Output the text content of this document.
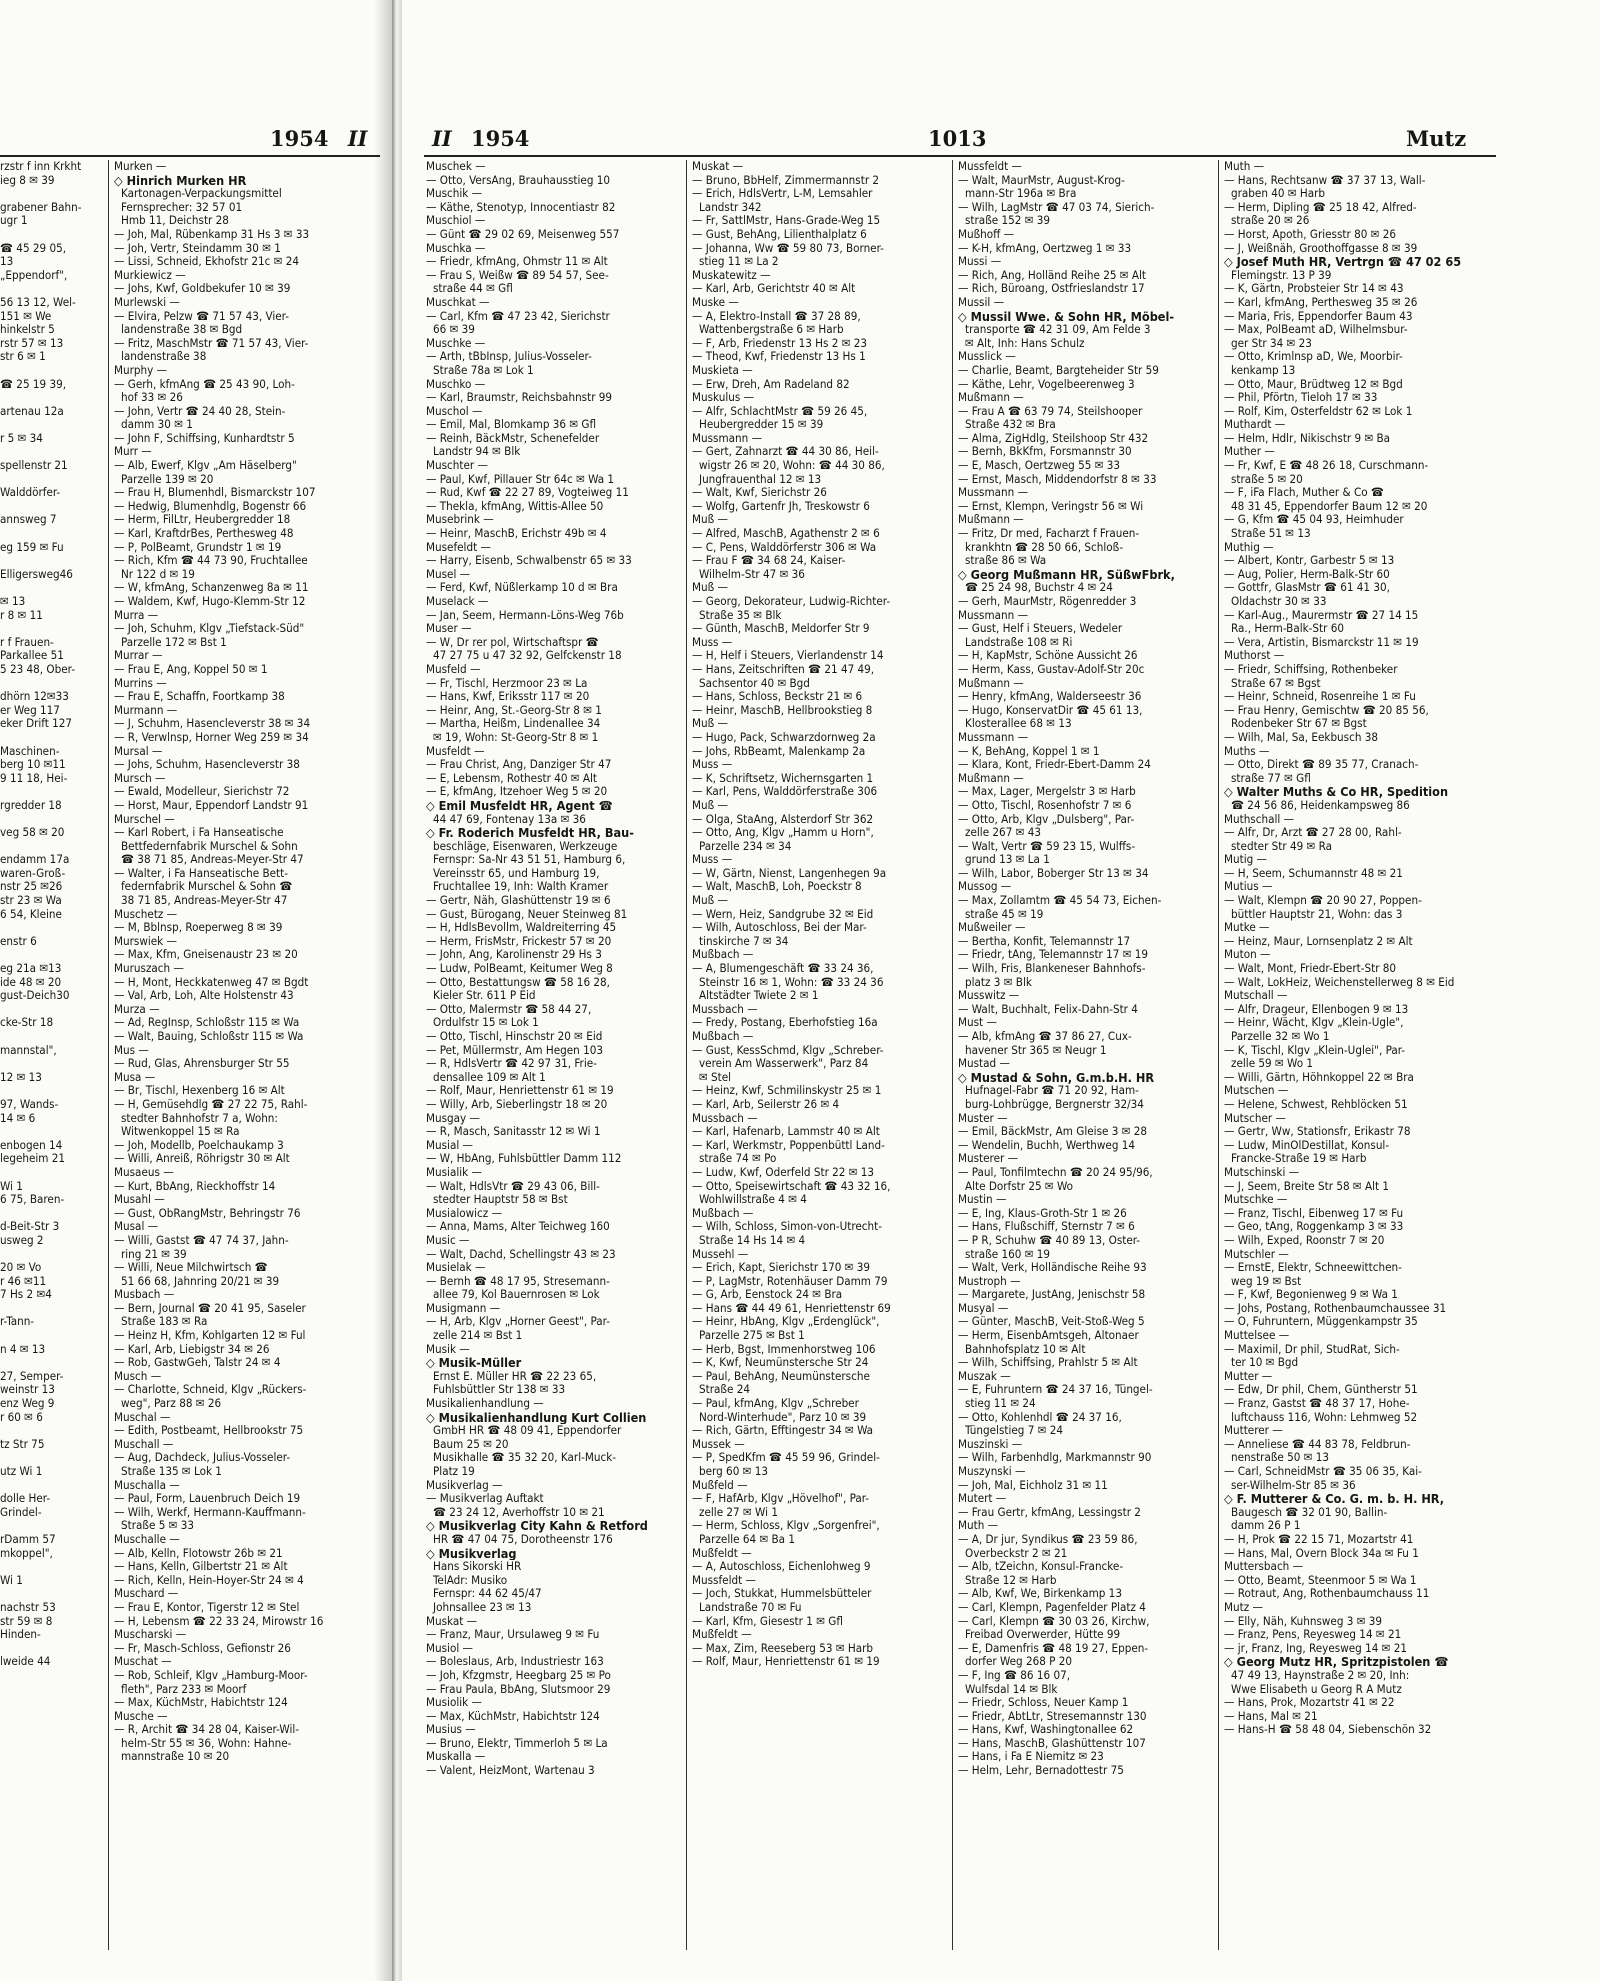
rzstr f inn Krkht
ieg 8 ✉ 39

grabener Bahn-
ugr 1

☎ 45 29 05,
13
„Eppendorf",

56 13 12, Wel-
151 ✉ We
hinkelstr 5
rstr 57 ✉ 13
str 6 ✉ 1

☎ 25 19 39,

artenau 12a

r 5 ✉ 34

spellenstr 21

Walddörfer-

annsweg 7

eg 159 ✉ Fu

Elligersweg46

✉ 13
r 8 ✉ 11

r f Frauen-
Parkallee 51
5 23 48, Ober-

dhörn 12✉33
er Weg 117
eker Drift 127

Maschinen-
berg 10 ✉11
9 11 18, Hei-

rgredder 18

veg 58 ✉ 20

endamm 17a
waren-Groß-
nstr 25 ✉26
str 23 ✉ Wa
6 54, Kleine

enstr 6

eg 21a ✉13
ide 48 ✉ 20
gust-Deich30

cke-Str 18

mannstal",

12 ✉ 13

97, Wands-
14 ✉ 6

enbogen 14
legeheim 21

Wi 1
6 75, Baren-

d-Beit-Str 3
usweg 2

20 ✉ Vo
r 46 ✉11
7 Hs 2 ✉4

r-Tann-

n 4 ✉ 13

27, Semper-
weinstr 13
enz Weg 9
r 60 ✉ 6

tz Str 75

utz Wi 1

dolle Her-
Grindel-

rDamm 57
mkoppel",

Wi 1

nachstr 53
str 59 ✉ 8
Hinden-

lweide 44
1954 II
Murken —
◇ Hinrich Murken HR
Kartonagen-Verpackungsmittel
Fernsprecher: 32 57 01
Hmb 11, Deichstr 28
— Joh, Mal, Rübenkamp 31 Hs 3 ✉ 33
— Joh, Vertr, Steindamm 30 ✉ 1
— Lissi, Schneid, Ekhofstr 21c ✉ 24
Murkiewicz —
— Johs, Kwf, Goldbekufer 10 ✉ 39
Murlewski —
— Elvira, Pelzw ☎ 71 57 43, Vier-
landenstraße 38 ✉ Bgd
— Fritz, MaschMstr ☎ 71 57 43, Vier-
landenstraße 38
Murphy —
— Gerh, kfmAng ☎ 25 43 90, Loh-
hof 33 ✉ 26
— John, Vertr ☎ 24 40 28, Stein-
damm 30 ✉ 1
— John F, Schiffsing, Kunhardtstr 5
Murr —
— Alb, Ewerf, Klgv „Am Häselberg"
Parzelle 139 ✉ 20
— Frau H, Blumenhdl, Bismarckstr 107
— Hedwig, Blumenhdlg, Bogenstr 66
— Herm, FilLtr, Heubergredder 18
— Karl, KraftdrBes, Perthesweg 48
— P, PolBeamt, Grundstr 1 ✉ 19
— Rich, Kfm ☎ 44 73 90, Fruchtallee
Nr 122 d ✉ 19
— W, kfmAng, Schanzenweg 8a ✉ 11
— Waldem, Kwf, Hugo-Klemm-Str 12
Murra —
— Joh, Schuhm, Klgv „Tiefstack-Süd"
Parzelle 172 ✉ Bst 1
Murrar —
— Frau E, Ang, Koppel 50 ✉ 1
Murrins —
— Frau E, Schaffn, Foortkamp 38
Murmann —
— J, Schuhm, Hasencleverstr 38 ✉ 34
— R, Verwlnsp, Horner Weg 259 ✉ 34
Mursal —
— Johs, Schuhm, Hasencleverstr 38
Mursch —
— Ewald, Modelleur, Sierichstr 72
— Horst, Maur, Eppendorf Landstr 91
Murschel —
— Karl Robert, i Fa Hanseatische
Bettfedernfabrik Murschel & Sohn
☎ 38 71 85, Andreas-Meyer-Str 47
— Walter, i Fa Hanseatische Bett-
federnfabrik Murschel & Sohn ☎
38 71 85, Andreas-Meyer-Str 47
Muschetz —
— M, Bblnsp, Roeperweg 8 ✉ 39
Murswiek —
— Max, Kfm, Gneisenaustr 23 ✉ 20
Muruszach —
— H, Mont, Heckkatenweg 47 ✉ Bgdt
— Val, Arb, Loh, Alte Holstenstr 43
Murza —
— Ad, RegInsp, Schloßstr 115 ✉ Wa
— Walt, Bauing, Schloßstr 115 ✉ Wa
Mus —
— Rud, Glas, Ahrensburger Str 55
Musa —
— Br, Tischl, Hexenberg 16 ✉ Alt
— H, Gemüsehdlg ☎ 27 22 75, Rahl-
stedter Bahnhofstr 7 a, Wohn:
Witwenkoppel 15 ✉ Ra
— Joh, Modellb, Poelchaukamp 3
— Willi, Anreiß, Röhrigstr 30 ✉ Alt
Musaeus —
— Kurt, BbAng, Rieckhoffstr 14
Musahl —
— Gust, ObRangMstr, Behringstr 76
Musal —
— Willi, Gastst ☎ 47 74 37, Jahn-
ring 21 ✉ 39
— Willi, Neue Milchwirtsch ☎
51 66 68, Jahnring 20/21 ✉ 39
Musbach —
— Bern, Journal ☎ 20 41 95, Saseler
Straße 183 ✉ Ra
— Heinz H, Kfm, Kohlgarten 12 ✉ Ful
— Karl, Arb, Liebigstr 34 ✉ 26
— Rob, GastwGeh, Talstr 24 ✉ 4
Musch —
— Charlotte, Schneid, Klgv „Rückers-
weg", Parz 88 ✉ 26
Muschal —
— Edith, Postbeamt, Hellbrookstr 75
Muschall —
— Aug, Dachdeck, Julius-Vosseler-
Straße 135 ✉ Lok 1
Muschalla —
— Paul, Form, Lauenbruch Deich 19
— Wilh, Werkf, Hermann-Kauffmann-
Straße 5 ✉ 33
Muschalle —
— Alb, Kelln, Flotowstr 26b ✉ 21
— Hans, Kelln, Gilbertstr 21 ✉ Alt
— Rich, Kelln, Hein-Hoyer-Str 24 ✉ 4
Muschard —
— Frau E, Kontor, Tigerstr 12 ✉ Stel
— H, Lebensm ☎ 22 33 24, Mirowstr 16
Muscharski —
— Fr, Masch-Schloss, Gefionstr 26
Muschat —
— Rob, Schleif, Klgv „Hamburg-Moor-
fleth", Parz 233 ✉ Moorf
— Max, KüchMstr, Habichtstr 124
Musche —
— R, Archit ☎ 34 28 04, Kaiser-Wil-
helm-Str 55 ✉ 36, Wohn: Hahne-
mannstraße 10 ✉ 20
II 1954	1013	Mutz
Muschek —
— Otto, VersAng, Brauhausstieg 10
Muschik —
— Käthe, Stenotyp, Innocentiastr 82
Muschiol —
— Günt ☎ 29 02 69, Meisenweg 557
Muschka —
— Friedr, kfmAng, Ohmstr 11 ✉ Alt
— Frau S, Weißw ☎ 89 54 57, See-
straße 44 ✉ Gfl
Muschkat —
— Carl, Kfm ☎ 47 23 42, Sierichstr
66 ✉ 39
Muschke —
— Arth, tBbInsp, Julius-Vosseler-
Straße 78a ✉ Lok 1
Muschko —
— Karl, Braumstr, Reichsbahnstr 99
Muschol —
— Emil, Mal, Blomkamp 36 ✉ Gfl
— Reinh, BäckMstr, Schenefelder
Landstr 94 ✉ Blk
Muschter —
— Paul, Kwf, Pillauer Str 64c ✉ Wa 1
— Rud, Kwf ☎ 22 27 89, Vogteiweg 11
— Thekla, kfmAng, Wittis-Allee 50
Musebrink —
— Heinr, MaschB, Erichstr 49b ✉ 4
Musefeldt —
— Harry, Eisenb, Schwalbenstr 65 ✉ 33
Musel —
— Ferd, Kwf, Nüßlerkamp 10 d ✉ Bra
Muselack —
— Jan, Seem, Hermann-Löns-Weg 76b
Muser —
— W, Dr rer pol, Wirtschaftspr ☎
47 27 75 u 47 32 92, Gelfckenstr 18
Musfeld —
— Fr, Tischl, Herzmoor 23 ✉ La
— Hans, Kwf, Eriksstr 117 ✉ 20
— Heinr, Ang, St.-Georg-Str 8 ✉ 1
— Martha, Heißm, Lindenallee 34
✉ 19, Wohn: St-Georg-Str 8 ✉ 1
Musfeldt —
— Frau Christ, Ang, Danziger Str 47
— E, Lebensm, Rothestr 40 ✉ Alt
— E, kfmAng, Itzehoer Weg 5 ✉ 20
◇ Emil Musfeldt HR, Agent ☎
44 47 69, Fontenay 13a ✉ 36
◇ Fr. Roderich Musfeldt HR, Bau-
beschläge, Eisenwaren, Werkzeuge
Fernspr: Sa-Nr 43 51 51, Hamburg 6,
Vereinsstr 65, und Hamburg 19,
Fruchtallee 19, Inh: Walth Kramer
— Gertr, Näh, Glashüttenstr 19 ✉ 6
— Gust, Bürogang, Neuer Steinweg 81
— H, HdlsBevollm, Waldreiterring 45
— Herm, FrisMstr, Frickestr 57 ✉ 20
— John, Ang, Karolinenstr 29 Hs 3
— Ludw, PolBeamt, Keitumer Weg 8
— Otto, Bestattungsw ☎ 58 16 28,
Kieler Str. 611 P Eid
— Otto, Malermstr ☎ 58 44 27,
Ordulfstr 15 ✉ Lok 1
— Otto, Tischl, Hinschstr 20 ✉ Eid
— Pet, Müllermstr, Am Hegen 103
— R, HdlsVertr ☎ 42 97 31, Frie-
densallee 109 ✉ Alt 1
— Rolf, Maur, Henriettenstr 61 ✉ 19
— Willy, Arb, Sieberlingstr 18 ✉ 20
Musgay —
— R, Masch, Sanitasstr 12 ✉ Wi 1
Musial —
— W, HbAng, Fuhlsbüttler Damm 112
Musialik —
— Walt, HdlsVtr ☎ 29 43 06, Bill-
stedter Hauptstr 58 ✉ Bst
Musialowicz —
— Anna, Mams, Alter Teichweg 160
Music —
— Walt, Dachd, Schellingstr 43 ✉ 23
Musielak —
— Bernh ☎ 48 17 95, Stresemann-
allee 79, Kol Bauernrosen ✉ Lok
Musigmann —
— H, Arb, Klgv „Horner Geest", Par-
zelle 214 ✉ Bst 1
Musik —
◇ Musik-Müller
Ernst E. Müller HR ☎ 22 23 65,
Fuhlsbüttler Str 138 ✉ 33
Musikalienhandlung —
◇ Musikalienhandlung Kurt Collien
GmbH HR ☎ 48 09 41, Eppendorfer
Baum 25 ✉ 20
Musikhalle ☎ 35 32 20, Karl-Muck-
Platz 19
Musikverlag —
— Musikverlag Auftakt
☎ 23 24 12, Averhoffstr 10 ✉ 21
◇ Musikverlag City Kahn & Retford
HR ☎ 47 04 75, Dorotheenstr 176
◇ Musikverlag
Hans Sikorski HR
TelAdr: Musiko
Fernspr: 44 62 45/47
Johnsallee 23 ✉ 13
Muskat —
— Franz, Maur, Ursulaweg 9 ✉ Fu
Musiol —
— Boleslaus, Arb, Industriestr 163
— Joh, Kfzgmstr, Heegbarg 25 ✉ Po
— Frau Paula, BbAng, Slutsmoor 29
Musiolik —
— Max, KüchMstr, Habichtstr 124
Musius —
— Bruno, Elektr, Timmerloh 5 ✉ La
Muskalla —
— Valent, HeizMont, Wartenau 3
Muskat —
— Bruno, BbHelf, Zimmermannstr 2
— Erich, HdlsVertr, L-M, Lemsahler
Landstr 342
— Fr, SattlMstr, Hans-Grade-Weg 15
— Gust, BehAng, Lilienthalplatz 6
— Johanna, Ww ☎ 59 80 73, Borner-
stieg 11 ✉ La 2
Muskatewitz —
— Karl, Arb, Gerichtstr 40 ✉ Alt
Muske —
— A, Elektro-Install ☎ 37 28 89,
Wattenbergstraße 6 ✉ Harb
— F, Arb, Friedenstr 13 Hs 2 ✉ 23
— Theod, Kwf, Friedenstr 13 Hs 1
Muskieta —
— Erw, Dreh, Am Radeland 82
Muskulus —
— Alfr, SchlachtMstr ☎ 59 26 45,
Heubergredder 15 ✉ 39
Mussmann —
— Gert, Zahnarzt ☎ 44 30 86, Heil-
wigstr 26 ✉ 20, Wohn: ☎ 44 30 86,
Jungfrauenthal 12 ✉ 13
— Walt, Kwf, Sierichstr 26
— Wolfg, Gartenfr Jh, Treskowstr 6
Muß —
— Alfred, MaschB, Agathenstr 2 ✉ 6
— C, Pens, Walddörferstr 306 ✉ Wa
— Frau F ☎ 34 68 24, Kaiser-
Wilhelm-Str 47 ✉ 36
Muß —
— Georg, Dekorateur, Ludwig-Richter-
Straße 35 ✉ Blk
— Günth, MaschB, Meldorfer Str 9
Muss —
— H, Helf i Steuers, Vierlandenstr 14
— Hans, Zeitschriften ☎ 21 47 49,
Sachsentor 40 ✉ Bgd
— Hans, Schloss, Beckstr 21 ✉ 6
— Heinr, MaschB, Hellbrookstieg 8
Muß —
— Hugo, Pack, Schwarzdornweg 2a
— Johs, RbBeamt, Malenkamp 2a
Muss —
— K, Schriftsetz, Wichernsgarten 1
— Karl, Pens, Walddörferstraße 306
Muß —
— Olga, StaAng, Alsterdorf Str 362
— Otto, Ang, Klgv „Hamm u Horn",
Parzelle 234 ✉ 34
Muss —
— W, Gärtn, Nienst, Langenhegen 9a
— Walt, MaschB, Loh, Poeckstr 8
Muß —
— Wern, Heiz, Sandgrube 32 ✉ Eid
— Wilh, Autoschloss, Bei der Mar-
tinskirche 7 ✉ 34
Mußbach —
— A, Blumengeschäft ☎ 33 24 36,
Steinstr 16 ✉ 1, Wohn: ☎ 33 24 36
Altstädter Twiete 2 ✉ 1
Mussbach —
— Fredy, Postang, Eberhofstieg 16a
Mußbach —
— Gust, KessSchmd, Klgv „Schreber-
verein Am Wasserwerk", Parz 84
✉ Stel
— Heinz, Kwf, Schmilinskystr 25 ✉ 1
— Karl, Arb, Seilerstr 26 ✉ 4
Mussbach —
— Karl, Hafenarb, Lammstr 40 ✉ Alt
— Karl, Werkmstr, Poppenbüttl Land-
straße 74 ✉ Po
— Ludw, Kwf, Oderfeld Str 22 ✉ 13
— Otto, Speisewirtschaft ☎ 43 32 16,
Wohlwillstraße 4 ✉ 4
Mußbach —
— Wilh, Schloss, Simon-von-Utrecht-
Straße 14 Hs 14 ✉ 4
Mussehl —
— Erich, Kapt, Sierichstr 170 ✉ 39
— P, LagMstr, Rotenhäuser Damm 79
— G, Arb, Eenstock 24 ✉ Bra
— Hans ☎ 44 49 61, Henriettenstr 69
— Heinr, HbAng, Klgv „Erdenglück",
Parzelle 275 ✉ Bst 1
— Herb, Bgst, Immenhorstweg 106
— K, Kwf, Neumünstersche Str 24
— Paul, BehAng, Neumünstersche
Straße 24
— Paul, kfmAng, Klgv „Schreber
Nord-Winterhude", Parz 10 ✉ 39
— Rich, Gärtn, Efftingestr 34 ✉ Wa
Mussek —
— P, SpedKfm ☎ 45 59 96, Grindel-
berg 60 ✉ 13
Mußfeld —
— F, HafArb, Klgv „Hövelhof", Par-
zelle 27 ✉ Wi 1
— Herm, Schloss, Klgv „Sorgenfrei",
Parzelle 64 ✉ Ba 1
Mußfeldt —
— A, Autoschloss, Eichenlohweg 9
Mussfeldt —
— Joch, Stukkat, Hummelsbütteler
Landstraße 70 ✉ Fu
— Karl, Kfm, Giesestr 1 ✉ Gfl
Mußfeldt —
— Max, Zim, Reeseberg 53 ✉ Harb
— Rolf, Maur, Henriettenstr 61 ✉ 19
Mussfeldt —
— Walt, MaurMstr, August-Krog-
mann-Str 196a ✉ Bra
— Wilh, LagMstr ☎ 47 03 74, Sierich-
straße 152 ✉ 39
Mußhoff —
— K-H, kfmAng, Oertzweg 1 ✉ 33
Mussi —
— Rich, Ang, Holländ Reihe 25 ✉ Alt
— Rich, Büroang, Ostfrieslandstr 17
Mussil —
◇ Mussil Wwe. & Sohn HR, Möbel-
transporte ☎ 42 31 09, Am Felde 3
✉ Alt, Inh: Hans Schulz
Musslick —
— Charlie, Beamt, Bargteheider Str 59
— Käthe, Lehr, Vogelbeerenweg 3
Mußmann —
— Frau A ☎ 63 79 74, Steilshooper
Straße 432 ✉ Bra
— Alma, ZigHdlg, Steilshoop Str 432
— Bernh, BkKfm, Forsmannstr 30
— E, Masch, Oertzweg 55 ✉ 33
— Ernst, Masch, Middendorfstr 8 ✉ 33
Mussmann —
— Ernst, Klempn, Veringstr 56 ✉ Wi
Mußmann —
— Fritz, Dr med, Facharzt f Frauen-
krankhtn ☎ 28 50 66, Schloß-
straße 86 ✉ Wa
◇ Georg Mußmann HR, SüßwFbrk,
☎ 25 24 98, Buchstr 4 ✉ 24
— Gerh, MaurMstr, Rögenredder 3
Mussmann —
— Gust, Helf i Steuers, Wedeler
Landstraße 108 ✉ Ri
— H, KapMstr, Schöne Aussicht 26
— Herm, Kass, Gustav-Adolf-Str 20c
Mußmann —
— Henry, kfmAng, Walderseestr 36
— Hugo, KonservatDir ☎ 45 61 13,
Klosterallee 68 ✉ 13
Mussmann —
— K, BehAng, Koppel 1 ✉ 1
— Klara, Kont, Friedr-Ebert-Damm 24
Mußmann —
— Max, Lager, Mergelstr 3 ✉ Harb
— Otto, Tischl, Rosenhofstr 7 ✉ 6
— Otto, Arb, Klgv „Dulsberg", Par-
zelle 267 ✉ 43
— Walt, Vertr ☎ 59 23 15, Wulffs-
grund 13 ✉ La 1
— Wilh, Labor, Boberger Str 13 ✉ 34
Mussog —
— Max, Zollamtm ☎ 45 54 73, Eichen-
straße 45 ✉ 19
Mußweiler —
— Bertha, Konfit, Telemannstr 17
— Friedr, tAng, Telemannstr 17 ✉ 19
— Wilh, Fris, Blankeneser Bahnhofs-
platz 3 ✉ Blk
Musswitz —
— Walt, Buchhalt, Felix-Dahn-Str 4
Must —
— Alb, kfmAng ☎ 37 86 27, Cux-
havener Str 365 ✉ Neugr 1
Mustad —
◇ Mustad & Sohn, G.m.b.H. HR
Hufnagel-Fabr ☎ 71 20 92, Ham-
burg-Lohbrügge, Bergnerstr 32/34
Muster —
— Emil, BäckMstr, Am Gleise 3 ✉ 28
— Wendelin, Buchh, Werthweg 14
Musterer —
— Paul, Tonfilmtechn ☎ 20 24 95/96,
Alte Dorfstr 25 ✉ Wo
Mustin —
— E, Ing, Klaus-Groth-Str 1 ✉ 26
— Hans, Flußschiff, Sternstr 7 ✉ 6
— P R, Schuhw ☎ 40 89 13, Oster-
straße 160 ✉ 19
— Walt, Verk, Holländische Reihe 93
Mustroph —
— Margarete, JustAng, Jenischstr 58
Musyal —
— Günter, MaschB, Veit-Stoß-Weg 5
— Herm, EisenbAmtsgeh, Altonaer
Bahnhofsplatz 10 ✉ Alt
— Wilh, Schiffsing, Prahlstr 5 ✉ Alt
Muszak —
— E, Fuhruntern ☎ 24 37 16, Tüngel-
stieg 11 ✉ 24
— Otto, Kohlenhdl ☎ 24 37 16,
Tüngelstieg 7 ✉ 24
Muszinski —
— Wilh, Farbenhdlg, Markmannstr 90
Muszynski —
— Joh, Mal, Eichholz 31 ✉ 11
Mutert —
— Frau Gertr, kfmAng, Lessingstr 2
Muth —
— A, Dr jur, Syndikus ☎ 23 59 86,
Overbeckstr 2 ✉ 21
— Alb, tZeichn, Konsul-Francke-
Straße 12 ✉ Harb
— Alb, Kwf, We, Birkenkamp 13
— Carl, Klempn, Pagenfelder Platz 4
— Carl, Klempn ☎ 30 03 26, Kirchw,
Freibad Overwerder, Hütte 99
— E, Damenfris ☎ 48 19 27, Eppen-
dorfer Weg 268 P 20
— F, Ing ☎ 86 16 07,
Wulfsdal 14 ✉ Blk
— Friedr, Schloss, Neuer Kamp 1
— Friedr, AbtLtr, Stresemannstr 130
— Hans, Kwf, Washingtonallee 62
— Hans, MaschB, Glashüttenstr 107
— Hans, i Fa E Niemitz ✉ 23
— Helm, Lehr, Bernadottestr 75
Muth —
— Hans, Rechtsanw ☎ 37 37 13, Wall-
graben 40 ✉ Harb
— Herm, Dipling ☎ 25 18 42, Alfred-
straße 20 ✉ 26
— Horst, Apoth, Griesstr 80 ✉ 26
— J, Weißnäh, Groothoffgasse 8 ✉ 39
◇ Josef Muth HR, Vertrgn ☎ 47 02 65
Flemingstr. 13 P 39
— K, Gärtn, Probsteier Str 14 ✉ 43
— Karl, kfmAng, Perthesweg 35 ✉ 26
— Maria, Fris, Eppendorfer Baum 43
— Max, PolBeamt aD, Wilhelmsbur-
ger Str 34 ✉ 23
— Otto, Krimlnsp aD, We, Moorbir-
kenkamp 13
— Otto, Maur, Brüdtweg 12 ✉ Bgd
— Phil, Pförtn, Tieloh 17 ✉ 33
— Rolf, Kim, Osterfeldstr 62 ✉ Lok 1
Muthardt —
— Helm, Hdlr, Nikischstr 9 ✉ Ba
Muther —
— Fr, Kwf, E ☎ 48 26 18, Curschmann-
straße 5 ✉ 20
— F, iFa Flach, Muther & Co ☎
48 31 45, Eppendorfer Baum 12 ✉ 20
— G, Kfm ☎ 45 04 93, Heimhuder
Straße 51 ✉ 13
Muthig —
— Albert, Kontr, Garbestr 5 ✉ 13
— Aug, Polier, Herm-Balk-Str 60
— Gottfr, GlasMstr ☎ 61 41 30,
Oldachstr 30 ✉ 33
— Karl-Aug., Maurermstr ☎ 27 14 15
Ra., Herm-Balk-Str 60
— Vera, Artistin, Bismarckstr 11 ✉ 19
Muthorst —
— Friedr, Schiffsing, Rothenbeker
Straße 67 ✉ Bgst
— Heinr, Schneid, Rosenreihe 1 ✉ Fu
— Frau Henry, Gemischtw ☎ 20 85 56,
Rodenbeker Str 67 ✉ Bgst
— Wilh, Mal, Sa, Eekbusch 38
Muths —
— Otto, Direkt ☎ 89 35 77, Cranach-
straße 77 ✉ Gfl
◇ Walter Muths & Co HR, Spedition
☎ 24 56 86, Heidenkampsweg 86
Muthschall —
— Alfr, Dr, Arzt ☎ 27 28 00, Rahl-
stedter Str 49 ✉ Ra
Mutig —
— H, Seem, Schumannstr 48 ✉ 21
Mutius —
— Walt, Klempn ☎ 20 90 27, Poppen-
büttler Hauptstr 21, Wohn: das 3
Mutke —
— Heinz, Maur, Lornsenplatz 2 ✉ Alt
Muton —
— Walt, Mont, Friedr-Ebert-Str 80
— Walt, LokHeiz, Weichenstellerweg 8 ✉ Eid
Mutschall —
— Alfr, Drageur, Ellenbogen 9 ✉ 13
— Heinr, Wächt, Klgv „Klein-Ugle",
Parzelle 32 ✉ Wo 1
— K, Tischl, Klgv „Klein-Uglei", Par-
zelle 59 ✉ Wo 1
— Willi, Gärtn, Höhnkoppel 22 ✉ Bra
Mutschen —
— Helene, Schwest, Rehblöcken 51
Mutscher —
— Gertr, Ww, Stationsfr, Erikastr 78
— Ludw, MinOlDestillat, Konsul-
Francke-Straße 19 ✉ Harb
Mutschinski —
— J, Seem, Breite Str 58 ✉ Alt 1
Mutschke —
— Franz, Tischl, Eibenweg 17 ✉ Fu
— Geo, tAng, Roggenkamp 3 ✉ 33
— Wilh, Exped, Roonstr 7 ✉ 20
Mutschler —
— ErnstE, Elektr, Schneewittchen-
weg 19 ✉ Bst
— F, Kwf, Begonienweg 9 ✉ Wa 1
— Johs, Postang, Rothenbaumchaussee 31
— O, Fuhruntern, Müggenkampstr 35
Muttelsee —
— Maximil, Dr phil, StudRat, Sich-
ter 10 ✉ Bgd
Mutter —
— Edw, Dr phil, Chem, Güntherstr 51
— Franz, Gastst ☎ 48 37 17, Hohe-
luftchauss 116, Wohn: Lehmweg 52
Mutterer —
— Anneliese ☎ 44 83 78, Feldbrun-
nenstraße 50 ✉ 13
— Carl, SchneidMstr ☎ 35 06 35, Kai-
ser-Wilhelm-Str 85 ✉ 36
◇ F. Mutterer & Co. G. m. b. H. HR,
Baugesch ☎ 32 01 90, Ballin-
damm 26 P 1
— H, Prok ☎ 22 15 71, Mozartstr 41
— Hans, Mal, Overn Block 34a ✉ Fu 1
Muttersbach —
— Otto, Beamt, Steenmoor 5 ✉ Wa 1
— Rotraut, Ang, Rothenbaumchauss 11
Mutz —
— Elly, Näh, Kuhnsweg 3 ✉ 39
— Franz, Pens, Reyesweg 14 ✉ 21
— jr, Franz, Ing, Reyesweg 14 ✉ 21
◇ Georg Mutz HR, Spritzpistolen ☎
47 49 13, Haynstraße 2 ✉ 20, Inh:
Wwe Elisabeth u Georg R A Mutz
— Hans, Prok, Mozartstr 41 ✉ 22
— Hans, Mal ✉ 21
— Hans-H ☎ 58 48 04, Siebenschön 32
